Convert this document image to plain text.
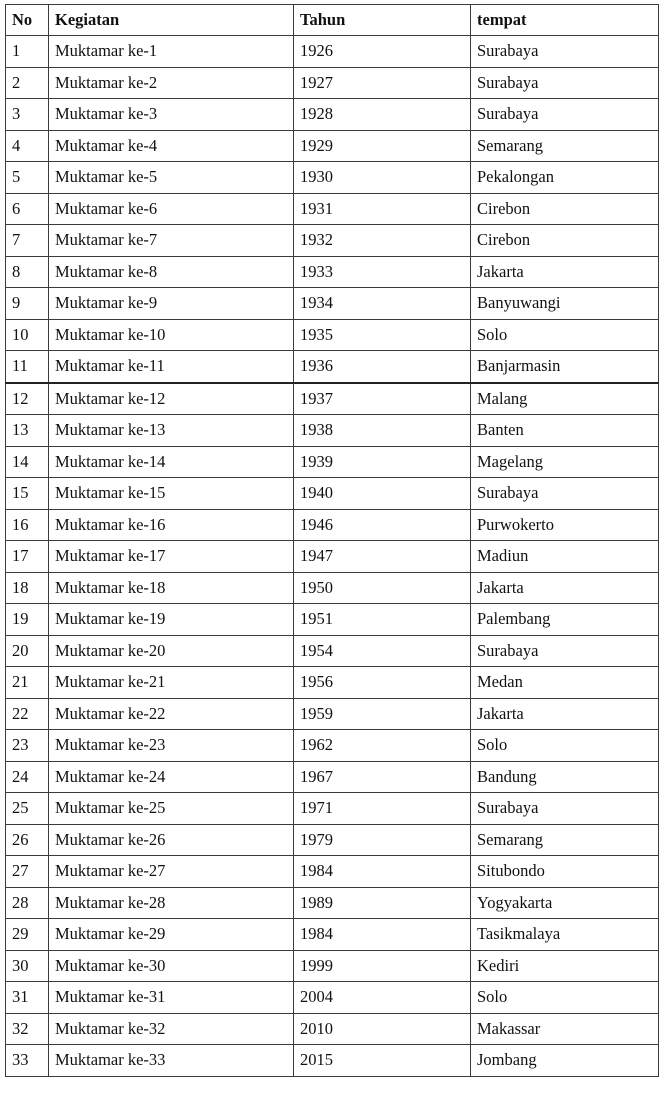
No	Kegiatan	Tahun	tempat
1	Muktamar ke-1	1926	Surabaya
2	Muktamar ke-2	1927	Surabaya
3	Muktamar ke-3	1928	Surabaya
4	Muktamar ke-4	1929	Semarang
5	Muktamar ke-5	1930	Pekalongan
6	Muktamar ke-6	1931	Cirebon
7	Muktamar ke-7	1932	Cirebon
8	Muktamar ke-8	1933	Jakarta
9	Muktamar ke-9	1934	Banyuwangi
10	Muktamar ke-10	1935	Solo
11	Muktamar ke-11	1936	Banjarmasin
12	Muktamar ke-12	1937	Malang
13	Muktamar ke-13	1938	Banten
14	Muktamar ke-14	1939	Magelang
15	Muktamar ke-15	1940	Surabaya
16	Muktamar ke-16	1946	Purwokerto
17	Muktamar ke-17	1947	Madiun
18	Muktamar ke-18	1950	Jakarta
19	Muktamar ke-19	1951	Palembang
20	Muktamar ke-20	1954	Surabaya
21	Muktamar ke-21	1956	Medan
22	Muktamar ke-22	1959	Jakarta
23	Muktamar ke-23	1962	Solo
24	Muktamar ke-24	1967	Bandung
25	Muktamar ke-25	1971	Surabaya
26	Muktamar ke-26	1979	Semarang
27	Muktamar ke-27	1984	Situbondo
28	Muktamar ke-28	1989	Yogyakarta
29	Muktamar ke-29	1984	Tasikmalaya
30	Muktamar ke-30	1999	Kediri
31	Muktamar ke-31	2004	Solo
32	Muktamar ke-32	2010	Makassar
33	Muktamar ke-33	2015	Jombang
